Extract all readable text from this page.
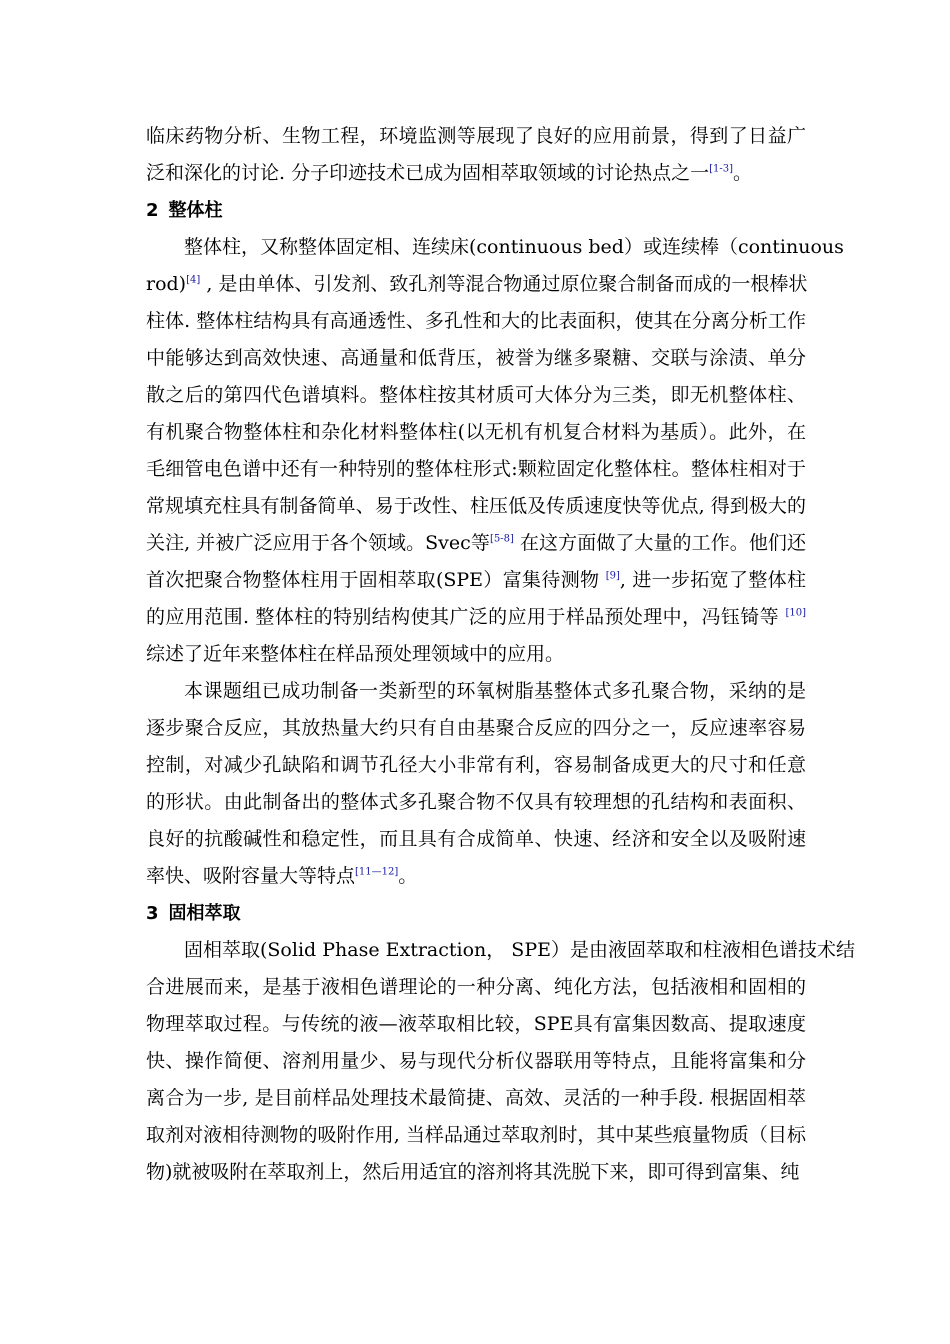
临床药物分析、生物工程，环境监测等展现了良好的应用前景，得到了日益广
泛和深化的讨论. 分子印迹技术已成为固相萃取领域的讨论热点之一[1-3]。
2 整体柱
整体柱，又称整体固定相、连续床(continuous bed）或连续棒（continuous
rod)[4] , 是由单体、引发剂、致孔剂等混合物通过原位聚合制备而成的一根棒状
柱体. 整体柱结构具有高通透性、多孔性和大的比表面积，使其在分离分析工作
中能够达到高效快速、高通量和低背压，被誉为继多聚糖、交联与涂渍、单分
散之后的第四代色谱填料。整体柱按其材质可大体分为三类，即无机整体柱、
有机聚合物整体柱和杂化材料整体柱(以无机有机复合材料为基质）。此外，在
毛细管电色谱中还有一种特别的整体柱形式:颗粒固定化整体柱。整体柱相对于
常规填充柱具有制备简单、易于改性、柱压低及传质速度快等优点, 得到极大的
关注, 并被广泛应用于各个领域。Svec等[5-8] 在这方面做了大量的工作。他们还
首次把聚合物整体柱用于固相萃取(SPE）富集待测物 [9], 进一步拓宽了整体柱
的应用范围. 整体柱的特别结构使其广泛的应用于样品预处理中，冯钰锜等 [10]
综述了近年来整体柱在样品预处理领域中的应用。
本课题组已成功制备一类新型的环氧树脂基整体式多孔聚合物，采纳的是
逐步聚合反应，其放热量大约只有自由基聚合反应的四分之一，反应速率容易
控制，对减少孔缺陷和调节孔径大小非常有利，容易制备成更大的尺寸和任意
的形状。由此制备出的整体式多孔聚合物不仅具有较理想的孔结构和表面积、
良好的抗酸碱性和稳定性，而且具有合成简单、快速、经济和安全以及吸附速
率快、吸附容量大等特点[11—12]。
3 固相萃取
固相萃取(Solid Phase Extraction， SPE）是由液固萃取和柱液相色谱技术结
合进展而来，是基于液相色谱理论的一种分离、纯化方法，包括液相和固相的
物理萃取过程。与传统的液—液萃取相比较，SPE具有富集因数高、提取速度
快、操作简便、溶剂用量少、易与现代分析仪器联用等特点，且能将富集和分
离合为一步, 是目前样品处理技术最简捷、高效、灵活的一种手段. 根据固相萃
取剂对液相待测物的吸附作用, 当样品通过萃取剂时，其中某些痕量物质（目标
物)就被吸附在萃取剂上，然后用适宜的溶剂将其洗脱下来，即可得到富集、纯
